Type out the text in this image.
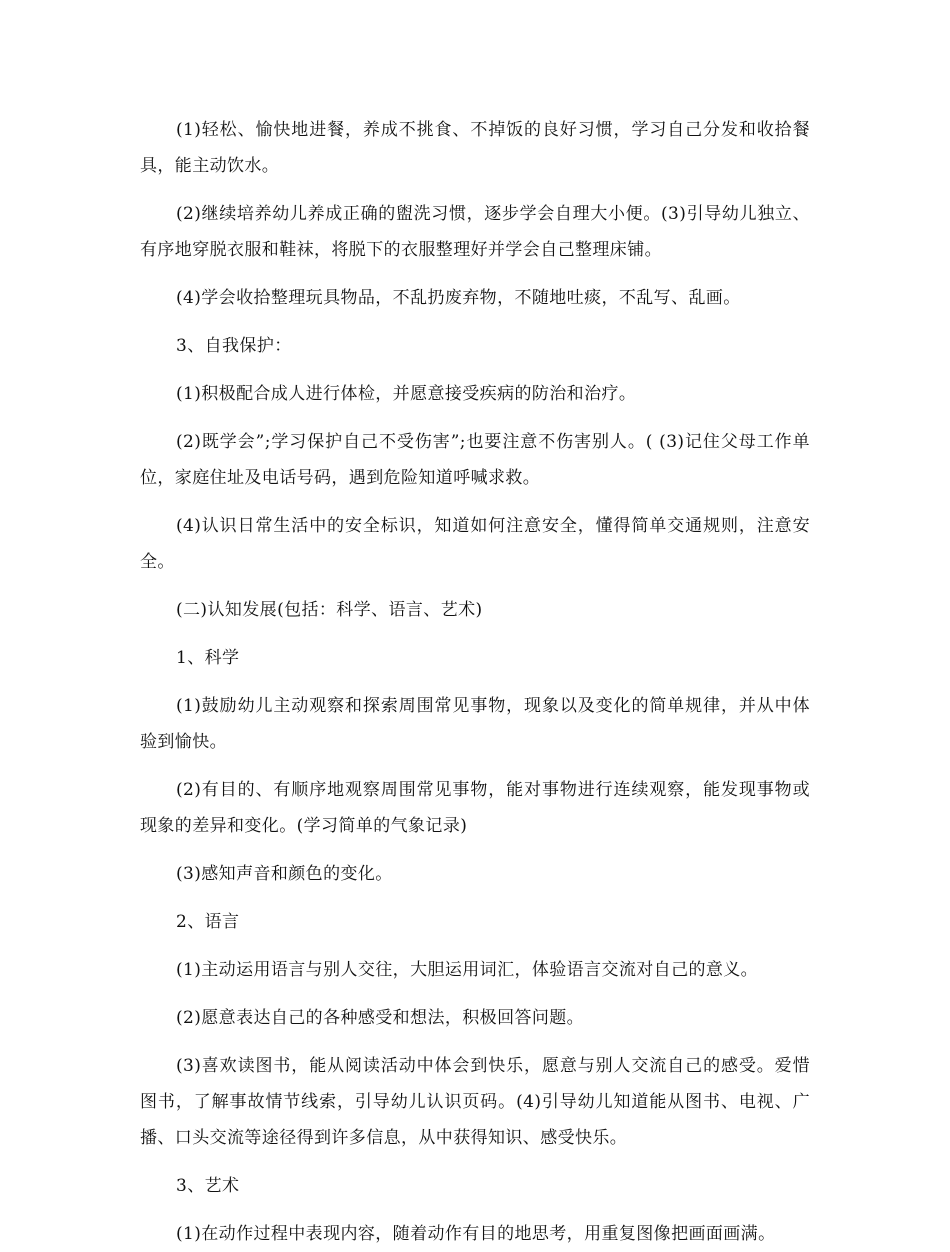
(1)轻松、愉快地进餐，养成不挑食、不掉饭的良好习惯，学习自己分发和收拾餐具，能主动饮水。

(2)继续培养幼儿养成正确的盥洗习惯，逐步学会自理大小便。(3)引导幼儿独立、有序地穿脱衣服和鞋袜，将脱下的衣服整理好并学会自己整理床铺。

(4)学会收拾整理玩具物品，不乱扔废弃物，不随地吐痰，不乱写、乱画。

3、自我保护：

(1)积极配合成人进行体检，并愿意接受疾病的防治和治疗。

(2)既学会”;学习保护自己不受伤害”;也要注意不伤害别人。( (3)记住父母工作单位，家庭住址及电话号码，遇到危险知道呼喊求救。

(4)认识日常生活中的安全标识，知道如何注意安全，懂得简单交通规则，注意安全。

(二)认知发展(包括：科学、语言、艺术)

1、科学

(1)鼓励幼儿主动观察和探索周围常见事物，现象以及变化的简单规律，并从中体验到愉快。

(2)有目的、有顺序地观察周围常见事物，能对事物进行连续观察，能发现事物或现象的差异和变化。(学习简单的气象记录)

(3)感知声音和颜色的变化。

2、语言

(1)主动运用语言与别人交往，大胆运用词汇，体验语言交流对自己的意义。

(2)愿意表达自己的各种感受和想法，积极回答问题。

(3)喜欢读图书，能从阅读活动中体会到快乐，愿意与别人交流自己的感受。爱惜图书，了解事故情节线索，引导幼儿认识页码。(4)引导幼儿知道能从图书、电视、广播、口头交流等途径得到许多信息，从中获得知识、感受快乐。

3、艺术

(1)在动作过程中表现内容，随着动作有目的地思考，用重复图像把画面画满。
